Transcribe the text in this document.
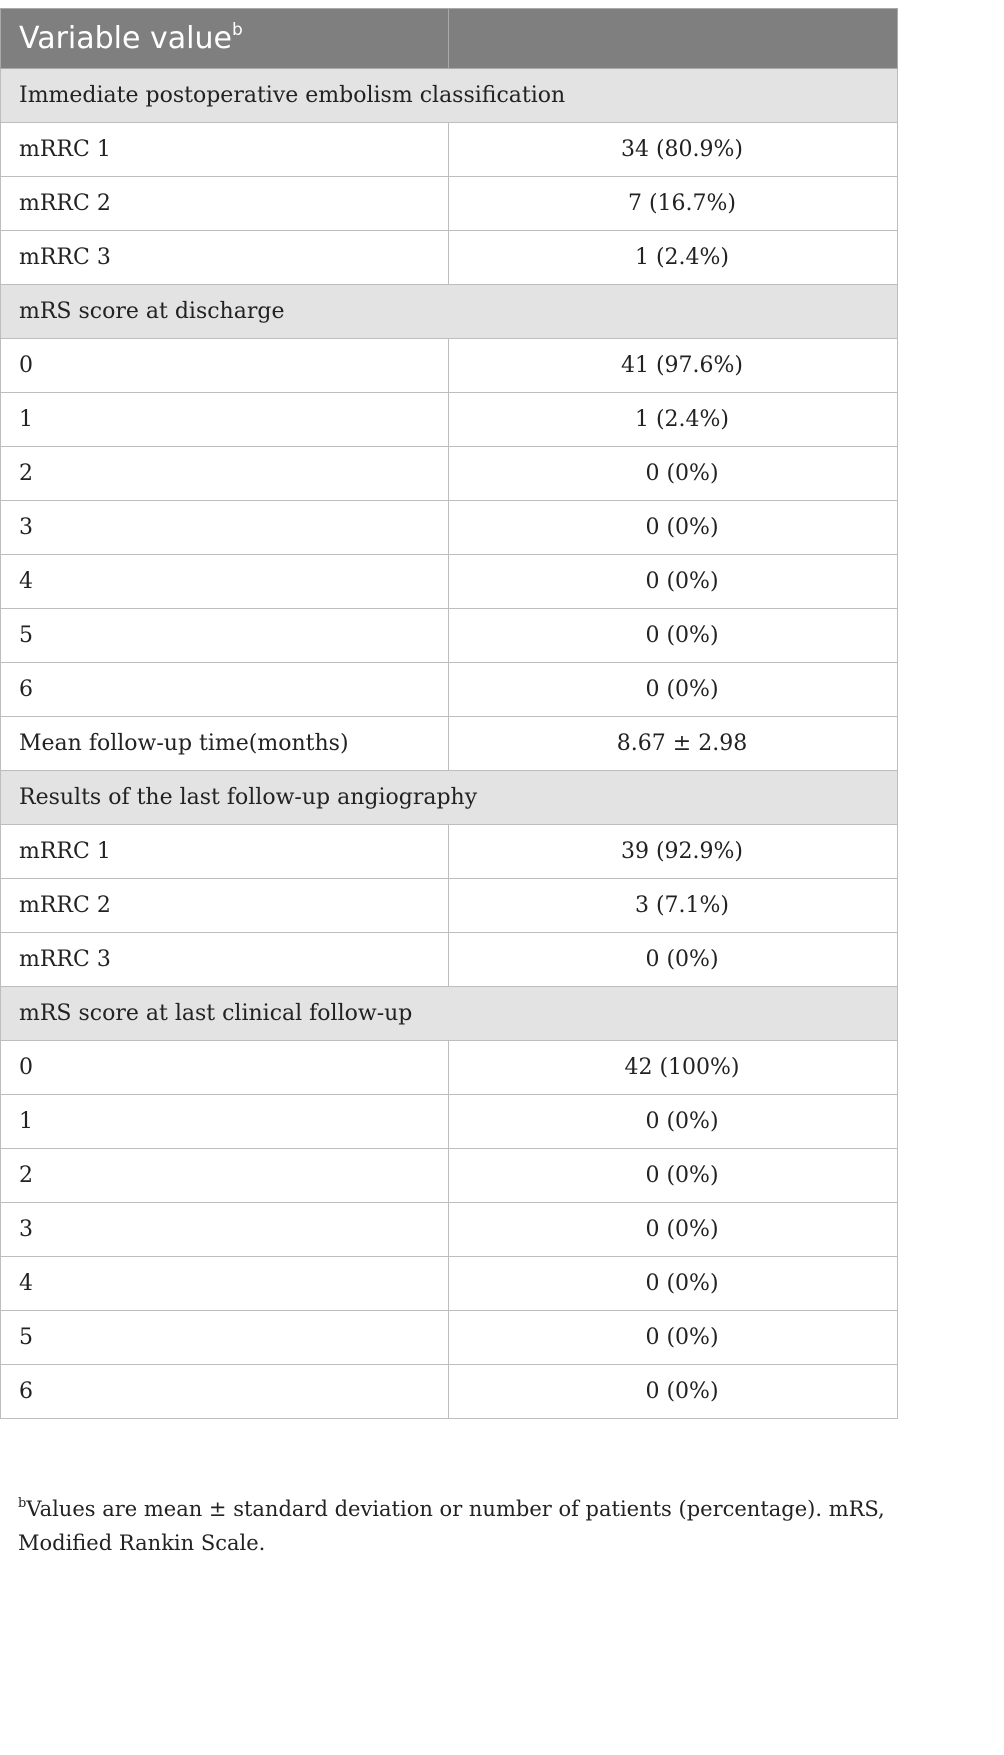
Variable value$^b$	
Immediate postoperative embolism classification	
mRRC 1	34 (80.9%)
mRRC 2	7 (16.7%)
mRRC 3	1 (2.4%)
mRS score at discharge	
0	41 (97.6%)
1	1 (2.4%)
2	0 (0%)
3	0 (0%)
4	0 (0%)
5	0 (0%)
6	0 (0%)
Mean follow-up time(months)	8.67 ± 2.98
Results of the last follow-up angiography	
mRRC 1	39 (92.9%)
mRRC 2	3 (7.1%)
mRRC 3	0 (0%)
mRS score at last clinical follow-up	
0	42 (100%)
1	0 (0%)
2	0 (0%)
3	0 (0%)
4	0 (0%)
5	0 (0%)
6	0 (0%)
$^b$Values are mean ± standard deviation or number of patients (percentage). mRS, Modified Rankin Scale.
